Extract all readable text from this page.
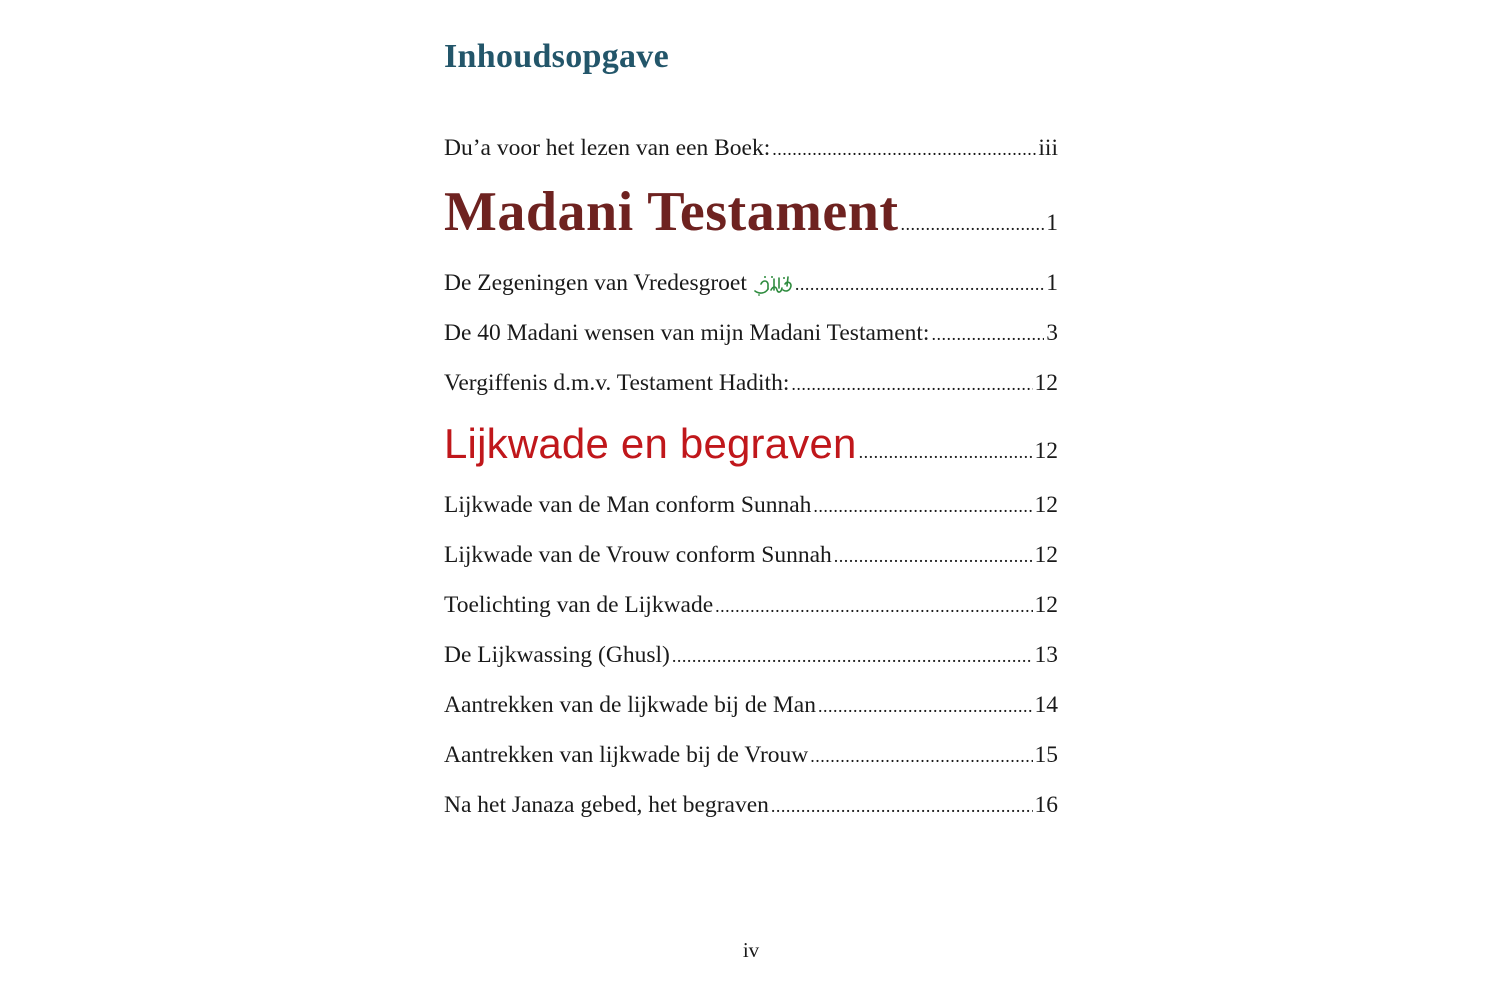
Inhoudsopgave
Du’a voor het lezen van een Boek: .....	iii
Madani Testament .....	1
De Zegeningen van Vredesgroet .....	1
De 40 Madani wensen van mijn Madani Testament: .....	3
Vergiffenis d.m.v. Testament Hadith: .....	12
Lijkwade en begraven .....	12
Lijkwade van de Man conform Sunnah .....	12
Lijkwade van de Vrouw conform Sunnah .....	12
Toelichting van de Lijkwade .....	12
De Lijkwassing (Ghusl) .....	13
Aantrekken van de lijkwade bij de Man .....	14
Aantrekken van lijkwade bij de Vrouw .....	15
Na het Janaza gebed, het begraven .....	16

iv
